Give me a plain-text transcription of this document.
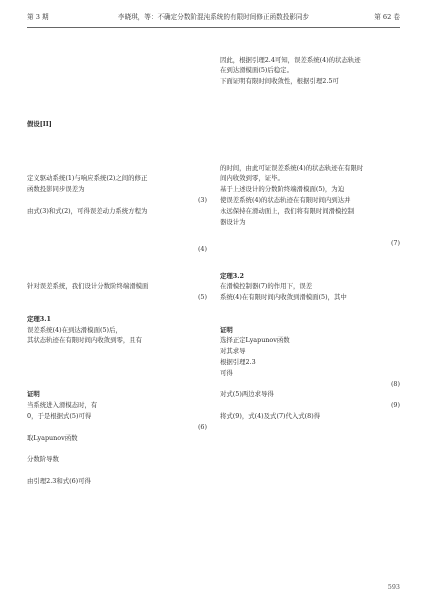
第 3 期	李晓琪，等：不确定分数阶混沌系统的有限时间修正函数投影同步	第 62 卷
假设[II]
定义驱动系统(1)与响应系统(2)之间的修正
函数投影同步误差为
(3)
由式(3)和式(2)，可得误差动力系统方程为
(4)
针对误差系统，我们设计分数阶终端滑模面
(5)
定理3.1
误差系统(4)在到达滑模面(5)后，
其状态轨迹在有限时间内收敛到零，且有
证明
当系统进入滑模态时，有
0，于是根据式(5)可得
(6)
取Lyapunov函数
分数阶导数
由引理2.3和式(6)可得
因此，根据引理2.4可知，误差系统(4)的状态轨迹
在到达滑模面(5)后稳定。
下面证明有限时间收敛性，根据引理2.5可
的时间，由此可证误差系统(4)的状态轨迹在有限时
间内收敛到零，证毕。
基于上述设计的分数阶终端滑模面(5)，为迫
使误差系统(4)的状态轨迹在有限时间内到达并
永远保持在滑动面上，我们将有限时间滑模控制
器设计为
(7)
定理3.2
在滑模控制器(7)的作用下，误差
系统(4)在有限时间内收敛到滑模面(5)，其中
证明
选择正定Lyapunov函数
对其求导
根据引理2.3
可得
(8)
对式(5)两边求导得
(9)
将式(9)，式(4)及式(7)代入式(8)得
593
